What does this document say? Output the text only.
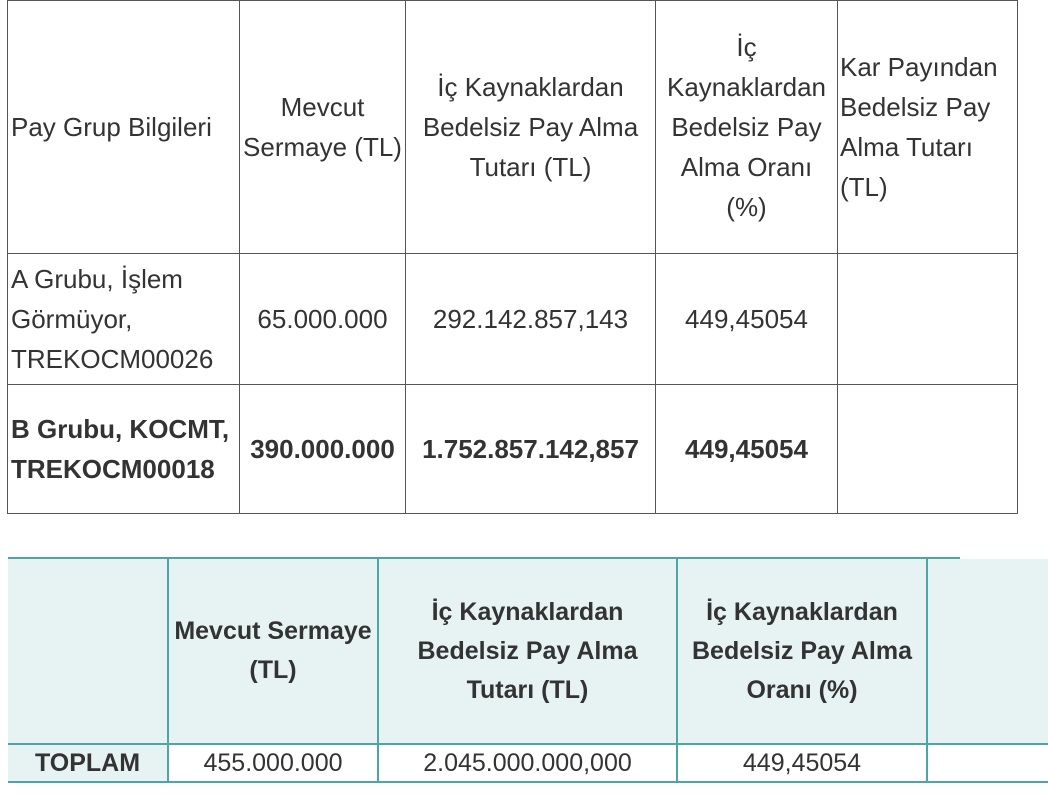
Pay Grup Bilgileri	Mevcut Sermaye (TL)	İç Kaynaklardan Bedelsiz Pay Alma Tutarı (TL)	İç Kaynaklardan Bedelsiz Pay Alma Oranı (%)	Kar Payından Bedelsiz Pay Alma Tutarı (TL)
A Grubu, İşlem Görmüyor, TREKOCM00026	65.000.000	292.142.857,143	449,45054	
B Grubu, KOCMT, TREKOCM00018	390.000.000	1.752.857.142,857	449,45054	
	Mevcut Sermaye (TL)	İç Kaynaklardan Bedelsiz Pay Alma Tutarı (TL)	İç Kaynaklardan Bedelsiz Pay Alma Oranı (%)	
TOPLAM	455.000.000	2.045.000.000,000	449,45054	
